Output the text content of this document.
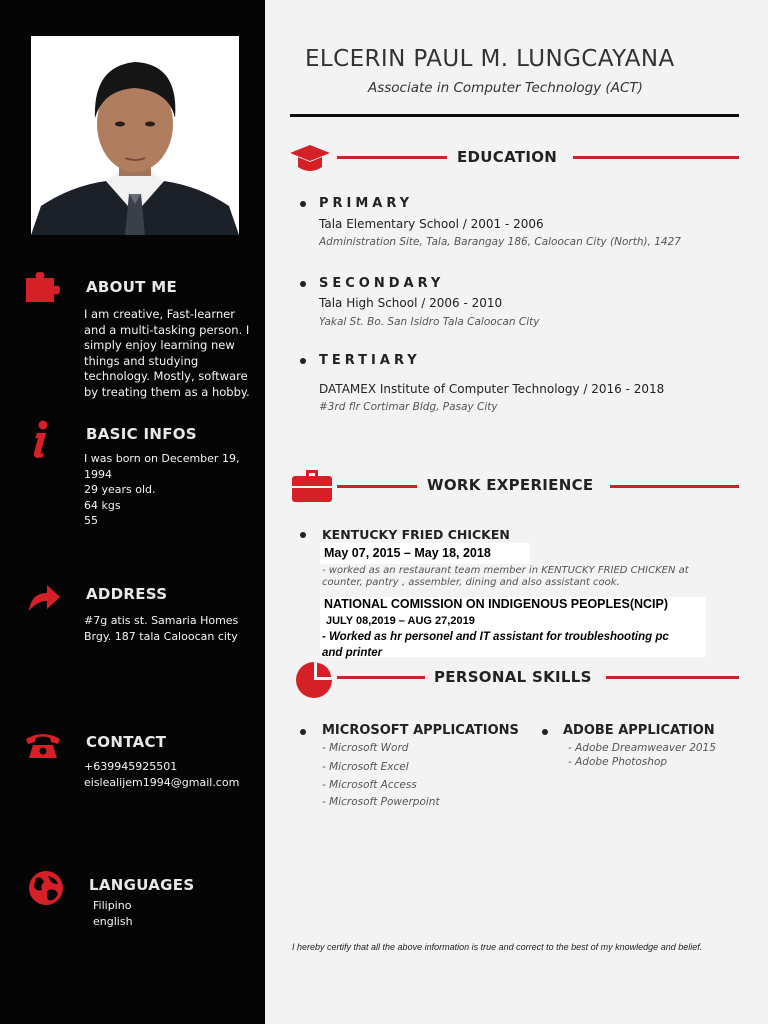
ABOUT ME
I am creative, Fast-learner
and a multi-tasking person. I
simply enjoy learning new
things and studying
technology. Mostly, software
by treating them as a hobby.
BASIC INFOS
I was born on December 19, 1994
29 years old.
64 kgs
55
ADDRESS
#7g atis st. Samaria Homes
Brgy. 187 tala Caloocan city
CONTACT
+639945925501
eislealijem1994@gmail.com
LANGUAGES
Filipino
english
ELCERIN PAUL M. LUNGCAYANA
Associate in Computer Technology (ACT)
EDUCATION
PRIMARY
Tala Elementary School / 2001 - 2006
Administration Site, Tala, Barangay 186, Caloocan City (North), 1427
SECONDARY
Tala High School / 2006 - 2010
Yakal St. Bo. San Isidro Tala Caloocan City
TERTIARY
DATAMEX Institute of Computer Technology / 2016 - 2018
#3rd flr Cortimar Bldg, Pasay City
WORK EXPERIENCE
KENTUCKY FRIED CHICKEN
May 07, 2015 – May 18, 2018
- worked as an restaurant team member in KENTUCKY FRIED CHICKEN at
counter, pantry , assembler, dining and also assistant cook.
NATIONAL COMISSION ON INDIGENOUS PEOPLES(NCIP)
JULY 08,2019 – AUG 27,2019
- Worked as hr personel and IT assistant for troubleshooting pc
and printer
PERSONAL SKILLS
MICROSOFT APPLICATIONS
- Microsoft Word
- Microsoft Excel
- Microsoft Access
- Microsoft Powerpoint
ADOBE APPLICATION
- Adobe Dreamweaver 2015
- Adobe Photoshop
I hereby certify that all the above information is true and correct to the best of my knowledge and belief.
